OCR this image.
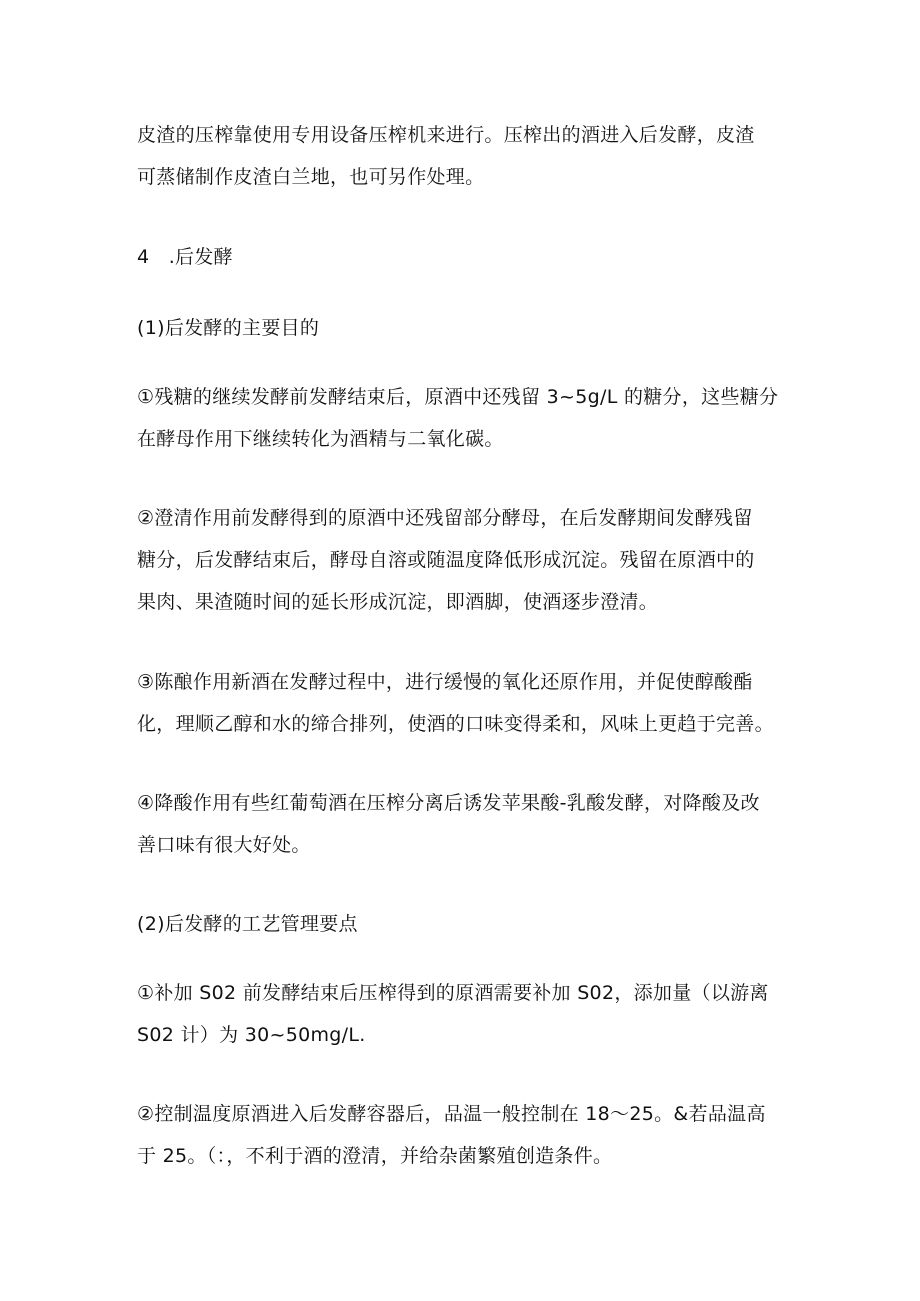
皮渣的压榨靠使用专用设备压榨机来进行。压榨出的酒进入后发酵，皮渣
可蒸储制作皮渣白兰地，也可另作处理。

4 .后发酵

(1)后发酵的主要目的

①残糖的继续发酵前发酵结束后，原酒中还残留 3~5g/L 的糖分，这些糖分
在酵母作用下继续转化为酒精与二氧化碳。

②澄清作用前发酵得到的原酒中还残留部分酵母，在后发酵期间发酵残留
糖分，后发酵结束后，酵母自溶或随温度降低形成沉淀。残留在原酒中的
果肉、果渣随时间的延长形成沉淀，即酒脚，使酒逐步澄清。

③陈酿作用新酒在发酵过程中，进行缓慢的氧化还原作用，并促使醇酸酯
化，理顺乙醇和水的缔合排列，使酒的口味变得柔和，风味上更趋于完善。

④降酸作用有些红葡萄酒在压榨分离后诱发苹果酸-乳酸发酵，对降酸及改
善口味有很大好处。

(2)后发酵的工艺管理要点

①补加 S02 前发酵结束后压榨得到的原酒需要补加 S02，添加量（以游离
S02 计）为 30~50mg/L.

②控制温度原酒进入后发酵容器后，品温一般控制在 18～25。&若品温高
于 25。（：，不利于酒的澄清，并给杂菌繁殖创造条件。
